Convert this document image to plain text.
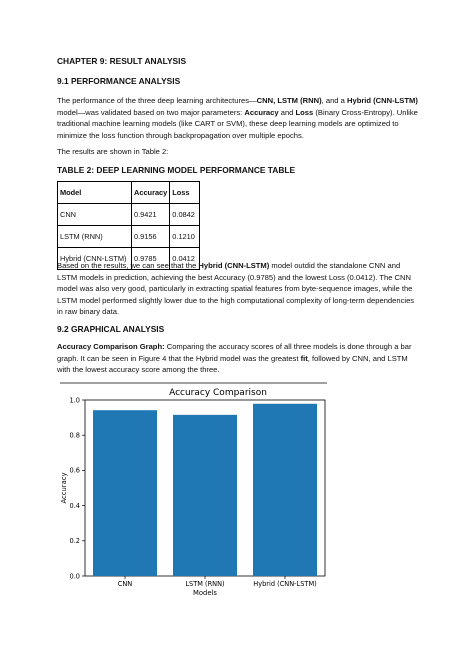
CHAPTER 9: RESULT ANALYSIS
9.1 PERFORMANCE ANALYSIS
The performance of the three deep learning architectures—CNN, LSTM (RNN), and a Hybrid (CNN-LSTM) model—was validated based on two major parameters: Accuracy and Loss (Binary Cross-Entropy). Unlike traditional machine learning models (like CART or SVM), these deep learning models are optimized to minimize the loss function through backpropagation over multiple epochs.
The results are shown in Table 2:
TABLE 2: DEEP LEARNING MODEL PERFORMANCE TABLE
Model	Accuracy	Loss
CNN	0.9421	0.0842
LSTM (RNN)	0.9156	0.1210
Hybrid (CNN-LSTM)	0.9785	0.0412
Based on the results, we can see that the Hybrid (CNN-LSTM) model outdid the standalone CNN and LSTM models in prediction, achieving the best Accuracy (0.9785) and the lowest Loss (0.0412). The CNN model was also very good, particularly in extracting spatial features from byte-sequence images, while the LSTM model performed slightly lower due to the high computational complexity of long-term dependencies in raw binary data.
9.2 GRAPHICAL ANALYSIS
Accuracy Comparison Graph: Comparing the accuracy scores of all three models is done through a bar graph. It can be seen in Figure 4 that the Hybrid model was the greatest fit, followed by CNN, and LSTM with the lowest accuracy score among the three.
Accuracy Comparison
CNN	LSTM (RNN)	Hybrid (CNN-LSTM)
0.0
0.2
0.4
0.6
0.8
1.0
Models
Accuracy
